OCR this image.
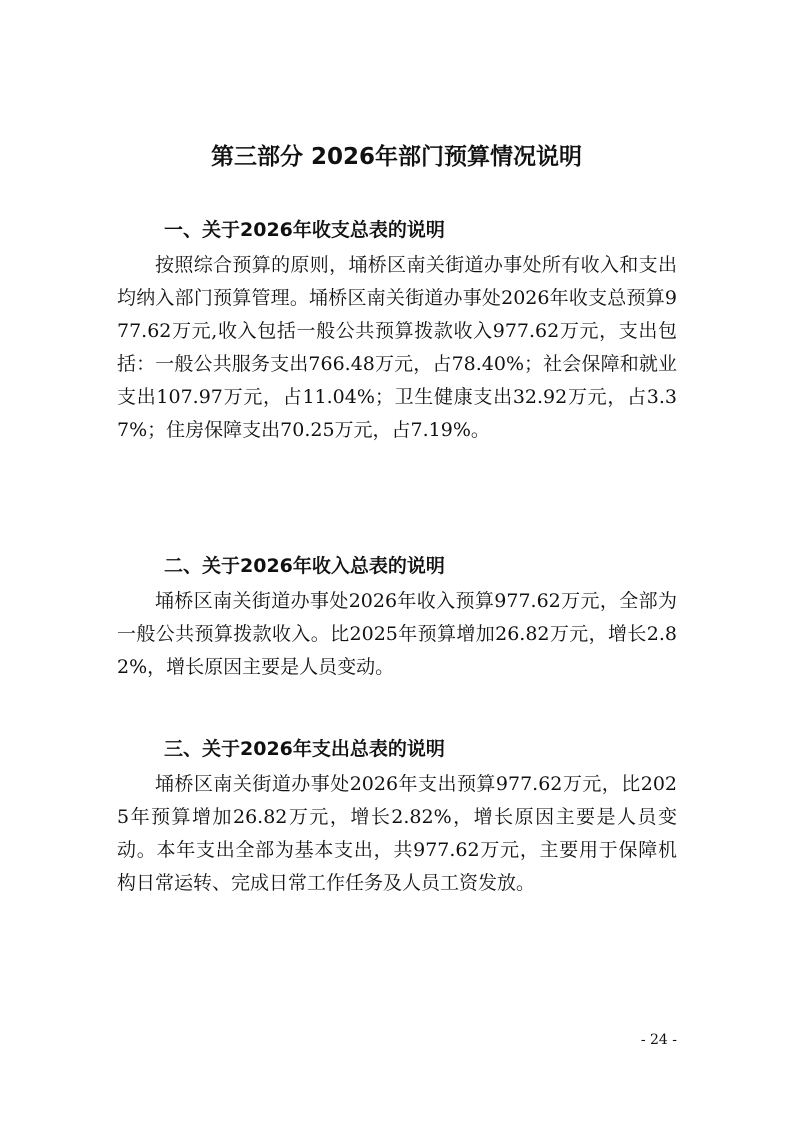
第三部分 2026年部门预算情况说明
一、关于2026年收支总表的说明

按照综合预算的原则，埇桥区南关街道办事处所有收入和支出均纳入部门预算管理。埇桥区南关街道办事处2026年收支总预算977.62万元,收入包括一般公共预算拨款收入977.62万元，支出包括：一般公共服务支出766.48万元，占78.40%；社会保障和就业支出107.97万元，占11.04%；卫生健康支出32.92万元，占3.37%；住房保障支出70.25万元，占7.19%。

二、关于2026年收入总表的说明

埇桥区南关街道办事处2026年收入预算977.62万元，全部为一般公共预算拨款收入。比2025年预算增加26.82万元，增长2.82%，增长原因主要是人员变动。

三、关于2026年支出总表的说明

埇桥区南关街道办事处2026年支出预算977.62万元，比2025年预算增加26.82万元，增长2.82%，增长原因主要是人员变动。本年支出全部为基本支出，共977.62万元，主要用于保障机构日常运转、完成日常工作任务及人员工资发放。

- 24 -
